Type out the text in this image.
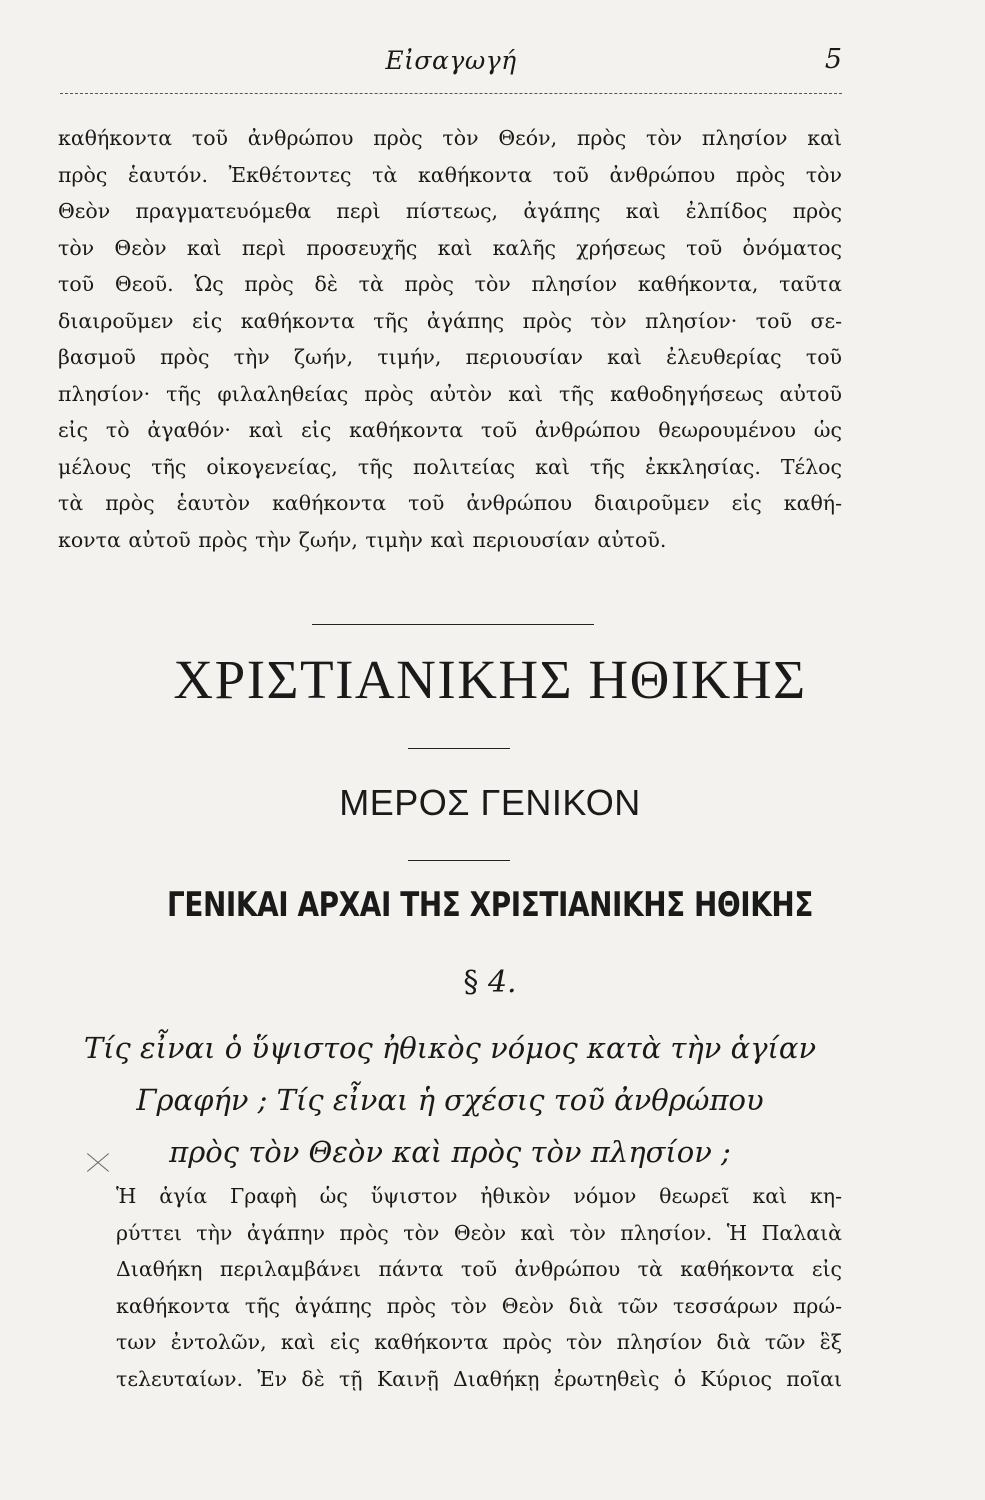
Εἰσαγωγή	5

καθήκοντα τοῦ ἀνθρώπου πρὸς τὸν Θεόν, πρὸς τὸν πλησίον καὶ
πρὸς ἑαυτόν. Ἐκθέτοντες τὰ καθήκοντα τοῦ ἀνθρώπου πρὸς τὸν
Θεὸν πραγματευόμεθα περὶ πίστεως, ἀγάπης καὶ ἐλπίδος πρὸς
τὸν Θεὸν καὶ περὶ προσευχῆς καὶ καλῆς χρήσεως τοῦ ὀνόματος
τοῦ Θεοῦ. Ὡς πρὸς δὲ τὰ πρὸς τὸν πλησίον καθήκοντα, ταῦτα
διαιροῦμεν εἰς καθήκοντα τῆς ἀγάπης πρὸς τὸν πλησίον· τοῦ σε-
βασμοῦ πρὸς τὴν ζωήν, τιμήν, περιουσίαν καὶ ἐλευθερίας τοῦ
πλησίον· τῆς φιλαληθείας πρὸς αὐτὸν καὶ τῆς καθοδηγήσεως αὐτοῦ
εἰς τὸ ἀγαθόν· καὶ εἰς καθήκοντα τοῦ ἀνθρώπου θεωρουμένου ὡς
μέλους τῆς οἰκογενείας, τῆς πολιτείας καὶ τῆς ἐκκλησίας. Τέλος
τὰ πρὸς ἑαυτὸν καθήκοντα τοῦ ἀνθρώπου διαιροῦμεν εἰς καθή-
κοντα αὐτοῦ πρὸς τὴν ζωήν, τιμὴν καὶ περιουσίαν αὐτοῦ.

ΧΡΙΣΤΙΑΝΙΚΗΣ ΗΘΙΚΗΣ
ΜΕΡΟΣ ΓΕΝΙΚΟΝ
ΓΕΝΙΚΑΙ ΑΡΧΑΙ ΤΗΣ ΧΡΙΣΤΙΑΝΙΚΗΣ ΗΘΙΚΗΣ

§ 4.

Τίς εἶναι ὁ ὕψιστος ἠθικὸς νόμος κατὰ τὴν ἁγίαν
Γραφήν ; Τίς εἶναι ἡ σχέσις τοῦ ἀνθρώπου
πρὸς τὸν Θεὸν καὶ πρὸς τὸν πλησίον ;

Ἡ ἁγία Γραφὴ ὡς ὕψιστον ἠθικὸν νόμον θεωρεῖ καὶ κη-
ρύττει τὴν ἀγάπην πρὸς τὸν Θεὸν καὶ τὸν πλησίον. Ἡ Παλαιὰ
Διαθήκη περιλαμβάνει πάντα τοῦ ἀνθρώπου τὰ καθήκοντα εἰς
καθήκοντα τῆς ἀγάπης πρὸς τὸν Θεὸν διὰ τῶν τεσσάρων πρώ-
των ἐντολῶν, καὶ εἰς καθήκοντα πρὸς τὸν πλησίον διὰ τῶν ἓξ
τελευταίων. Ἐν δὲ τῇ Καινῇ Διαθήκῃ ἐρωτηθεὶς ὁ Κύριος ποῖαι
